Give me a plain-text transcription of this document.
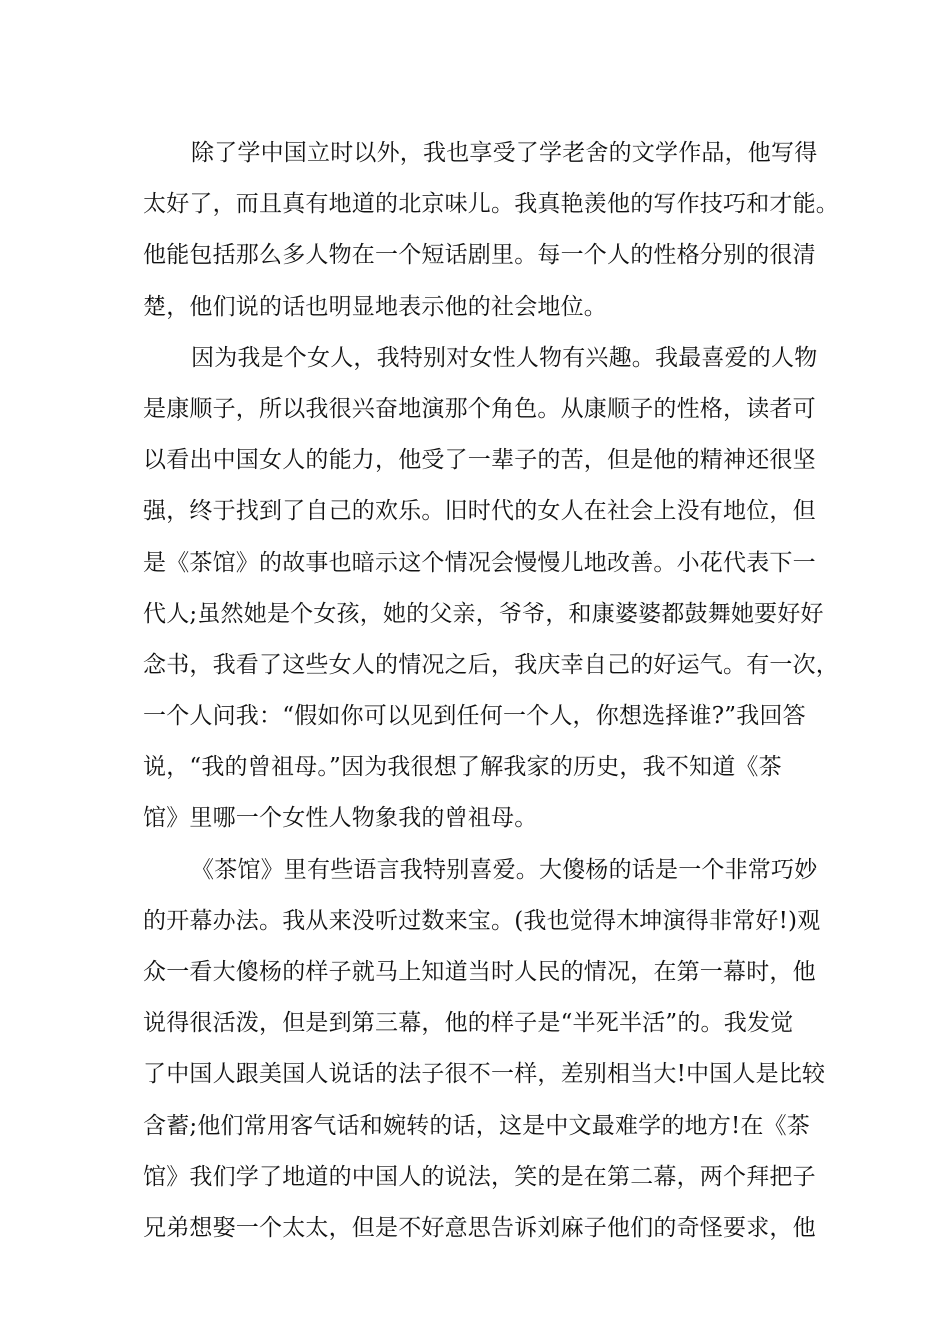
除了学中国立时以外，我也享受了学老舍的文学作品，他写得
太好了，而且真有地道的北京味儿。我真艳羡他的写作技巧和才能。
他能包括那么多人物在一个短话剧里。每一个人的性格分别的很清
楚，他们说的话也明显地表示他的社会地位。
因为我是个女人，我特别对女性人物有兴趣。我最喜爱的人物
是康顺子，所以我很兴奋地演那个角色。从康顺子的性格，读者可
以看出中国女人的能力，他受了一辈子的苦，但是他的精神还很坚
强，终于找到了自己的欢乐。旧时代的女人在社会上没有地位，但
是《茶馆》的故事也暗示这个情况会慢慢儿地改善。小花代表下一
代人;虽然她是个女孩，她的父亲，爷爷，和康婆婆都鼓舞她要好好
念书，我看了这些女人的情况之后，我庆幸自己的好运气。有一次，
一个人问我：“假如你可以见到任何一个人，你想选择谁?”我回答
说，“我的曾祖母。”因为我很想了解我家的历史，我不知道《茶
馆》里哪一个女性人物象我的曾祖母。
《茶馆》里有些语言我特别喜爱。大傻杨的话是一个非常巧妙
的开幕办法。我从来没听过数来宝。(我也觉得木坤演得非常好!)观
众一看大傻杨的样子就马上知道当时人民的情况，在第一幕时，他
说得很活泼，但是到第三幕，他的样子是“半死半活”的。我发觉
了中国人跟美国人说话的法子很不一样，差别相当大!中国人是比较
含蓄;他们常用客气话和婉转的话，这是中文最难学的地方!在《茶
馆》我们学了地道的中国人的说法，笑的是在第二幕，两个拜把子
兄弟想娶一个太太，但是不好意思告诉刘麻子他们的奇怪要求，他
